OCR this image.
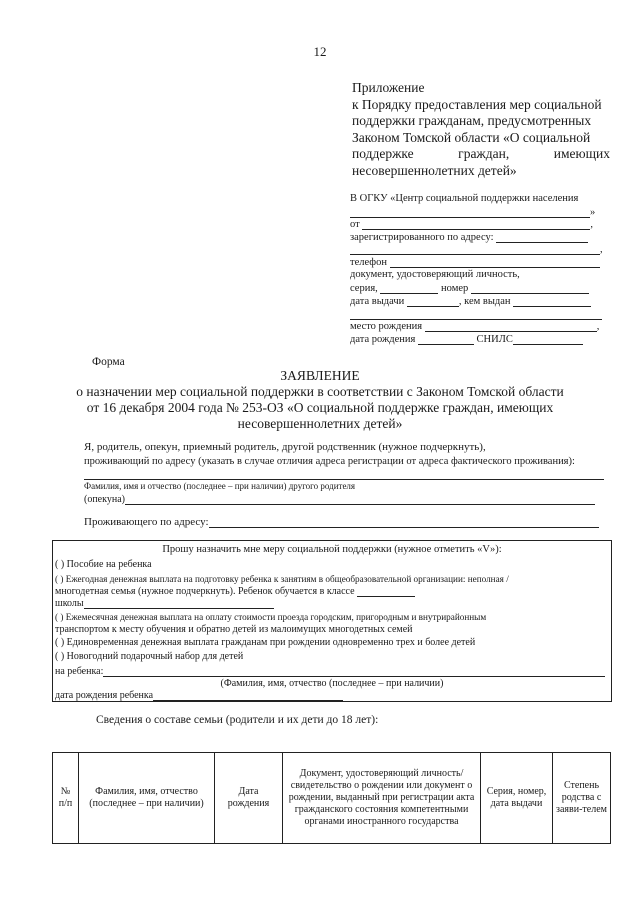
12
Приложение
к Порядку предоставления мер социальной
поддержки гражданам, предусмотренных
Законом Томской области «О социальной
поддержке	граждан,	имеющих
несовершеннолетних детей»
В ОГКУ «Центр социальной поддержки населения
»
от	,
зарегистрированного по адресу:
,
телефон
документ, удостоверяющий личность,
серия,	номер
дата выдачи	, кем выдан
место рождения	,
дата рождения	СНИЛС
Форма
ЗАЯВЛЕНИЕ
о назначении мер социальной поддержки в соответствии с Законом Томской области
от 16 декабря 2004 года № 253-ОЗ «О социальной поддержке граждан, имеющих
несовершеннолетних детей»
Я, родитель, опекун, приемный родитель, другой родственник (нужное подчеркнуть),
проживающий по адресу (указать в случае отличия адреса регистрации от адреса фактического проживания):
Фамилия, имя и отчество (последнее – при наличии) другого родителя
(опекуна)
Проживающего по адресу:
Прошу назначить мне меру социальной поддержки (нужное отметить «V»):
( ) Пособие на ребенка
( ) Ежегодная денежная выплата на подготовку ребенка к занятиям в общеобразовательной организации: неполная /
многодетная семья (нужное подчеркнуть). Ребенок обучается в классе
школы
( ) Ежемесячная денежная выплата на оплату стоимости проезда городским, пригородным и внутрирайонным
транспортом к месту обучения и обратно детей из малоимущих многодетных семей
( ) Единовременная денежная выплата гражданам при рождении одновременно трех и более детей
( ) Новогодний подарочный набор для детей
на ребенка:
(Фамилия, имя, отчество (последнее – при наличии)
дата рождения ребенка
Сведения о составе семьи (родители и их дети до 18 лет):
№ п/п	Фамилия, имя, отчество (последнее – при наличии)	Дата рождения	Документ, удостоверяющий личность/свидетельство о рождении или документ о рождении, выданный при регистрации акта гражданского состояния компетентными органами иностранного государства	Серия, номер, дата выдачи	Степень родства с заяви-телем
